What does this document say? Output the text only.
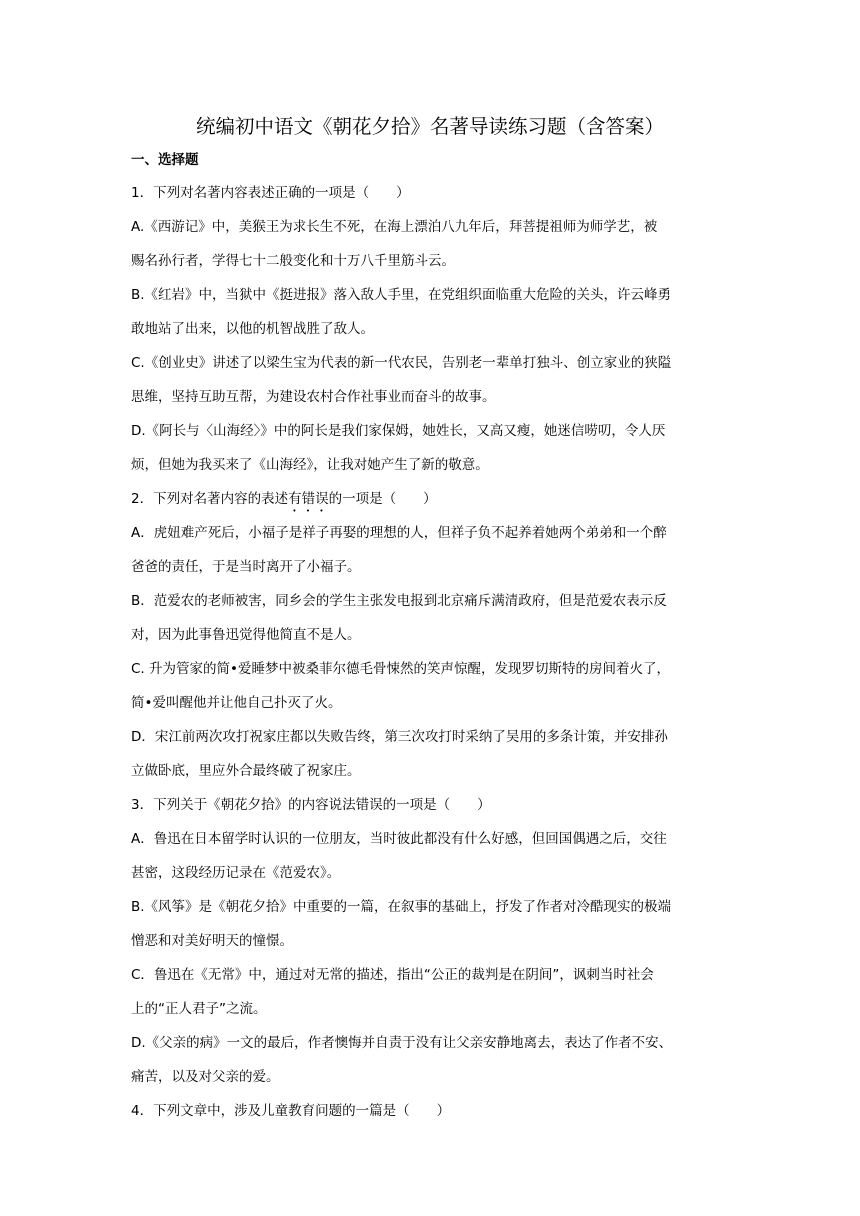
统编初中语文《朝花夕拾》名著导读练习题（含答案）
一、选择题
1．下列对名著内容表述正确的一项是（　　）
A.《西游记》中，美猴王为求长生不死，在海上漂泊八九年后，拜菩提祖师为师学艺，被
赐名孙行者，学得七十二般变化和十万八千里筋斗云。
B.《红岩》中，当狱中《挺进报》落入敌人手里，在党组织面临重大危险的关头，许云峰勇
敢地站了出来，以他的机智战胜了敌人。
C.《创业史》讲述了以梁生宝为代表的新一代农民，告别老一辈单打独斗、创立家业的狭隘
思维，坚持互助互帮，为建设农村合作社事业而奋斗的故事。
D.《阿长与〈山海经〉》中的阿长是我们家保姆，她姓长，又高又瘦，她迷信唠叨，令人厌
烦，但她为我买来了《山海经》，让我对她产生了新的敬意。
2．下列对名著内容的表述有错误的一项是（　　）
A．虎妞难产死后，小福子是祥子再娶的理想的人，但祥子负不起养着她两个弟弟和一个醉
爸爸的责任，于是当时离开了小福子。
B．范爱农的老师被害，同乡会的学生主张发电报到北京痛斥满清政府，但是范爱农表示反
对，因为此事鲁迅觉得他简直不是人。
C. 升为管家的简•爱睡梦中被桑菲尔德毛骨悚然的笑声惊醒，发现罗切斯特的房间着火了，
简•爱叫醒他并让他自己扑灭了火。
D．宋江前两次攻打祝家庄都以失败告终，第三次攻打时采纳了吴用的多条计策，并安排孙
立做卧底，里应外合最终破了祝家庄。
3．下列关于《朝花夕拾》的内容说法错误的一项是（　　）
A．鲁迅在日本留学时认识的一位朋友，当时彼此都没有什么好感，但回国偶遇之后，交往
甚密，这段经历记录在《范爱农》。
B.《风筝》是《朝花夕拾》中重要的一篇，在叙事的基础上，抒发了作者对冷酷现实的极端
憎恶和对美好明天的憧憬。
C．鲁迅在《无常》中，通过对无常的描述，指出“公正的裁判是在阴间”，讽刺当时社会
上的“正人君子”之流。
D.《父亲的病》一文的最后，作者懊悔并自责于没有让父亲安静地离去，表达了作者不安、
痛苦，以及对父亲的爱。
4．下列文章中，涉及儿童教育问题的一篇是（　　）
